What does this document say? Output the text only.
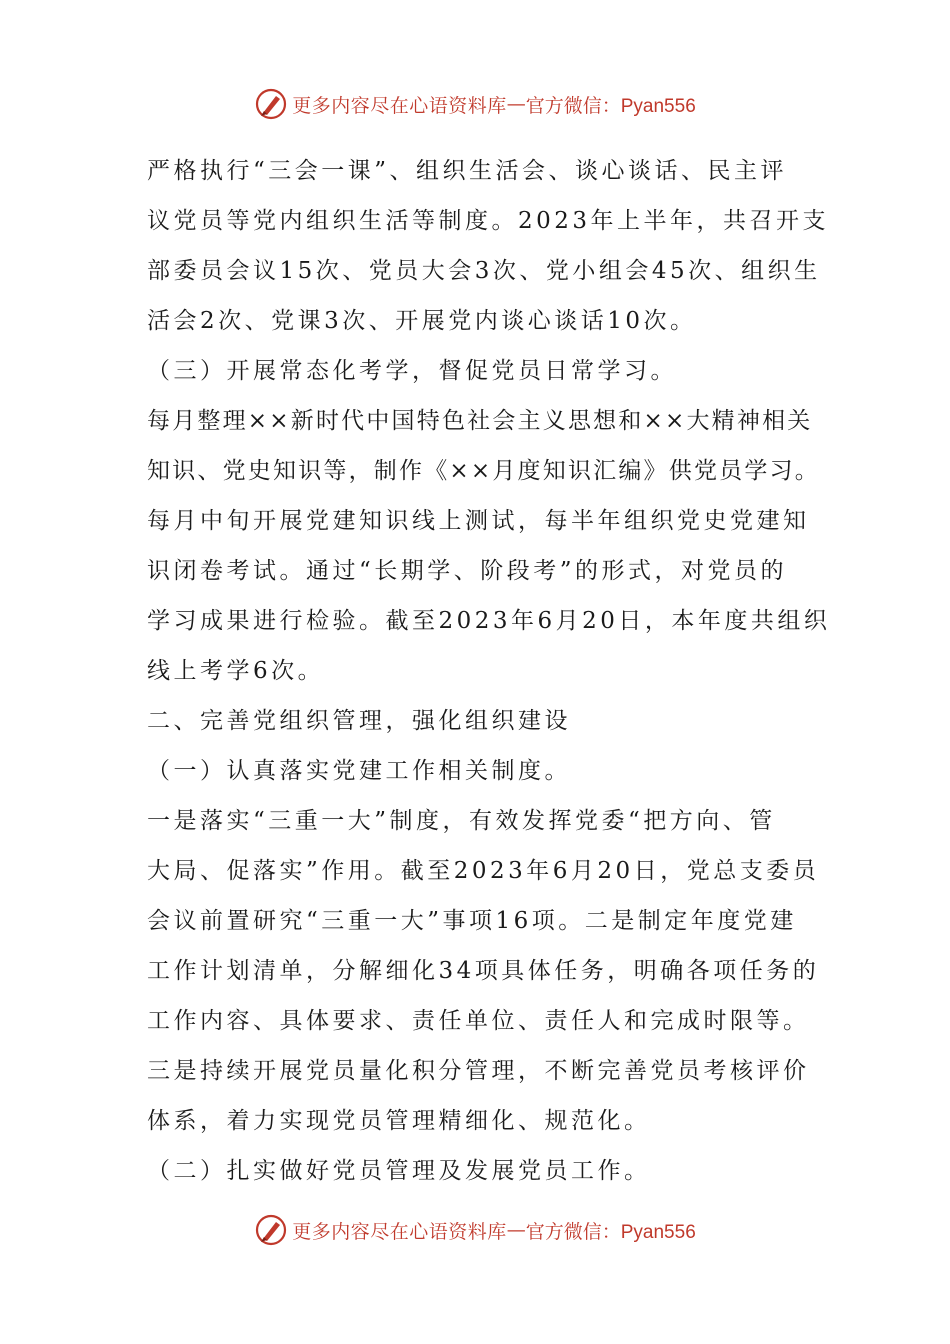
更多内容尽在心语资料库 — 官方微信：Pyan556
严格执行“三会一课”、组织生活会、谈心谈话、民主评
议党员等党内组织生活等制度。2023年上半年，共召开支
部委员会议15次、党员大会3次、党小组会45次、组织生
活会2次、党课3次、开展党内谈心谈话10次。
（三）开展常态化考学，督促党员日常学习。
每月整理××新时代中国特色社会主义思想和××大精神相关
知识、党史知识等，制作《××月度知识汇编》供党员学习。
每月中旬开展党建知识线上测试，每半年组织党史党建知
识闭卷考试。通过“长期学、阶段考”的形式，对党员的
学习成果进行检验。截至2023年6月20日，本年度共组织
线上考学6次。
二、完善党组织管理，强化组织建设
（一）认真落实党建工作相关制度。
一是落实“三重一大”制度，有效发挥党委“把方向、管
大局、促落实”作用。截至2023年6月20日，党总支委员
会议前置研究“三重一大”事项16项。二是制定年度党建
工作计划清单，分解细化34项具体任务，明确各项任务的
工作内容、具体要求、责任单位、责任人和完成时限等。
三是持续开展党员量化积分管理，不断完善党员考核评价
体系，着力实现党员管理精细化、规范化。
（二）扎实做好党员管理及发展党员工作。
更多内容尽在心语资料库 — 官方微信：Pyan556
